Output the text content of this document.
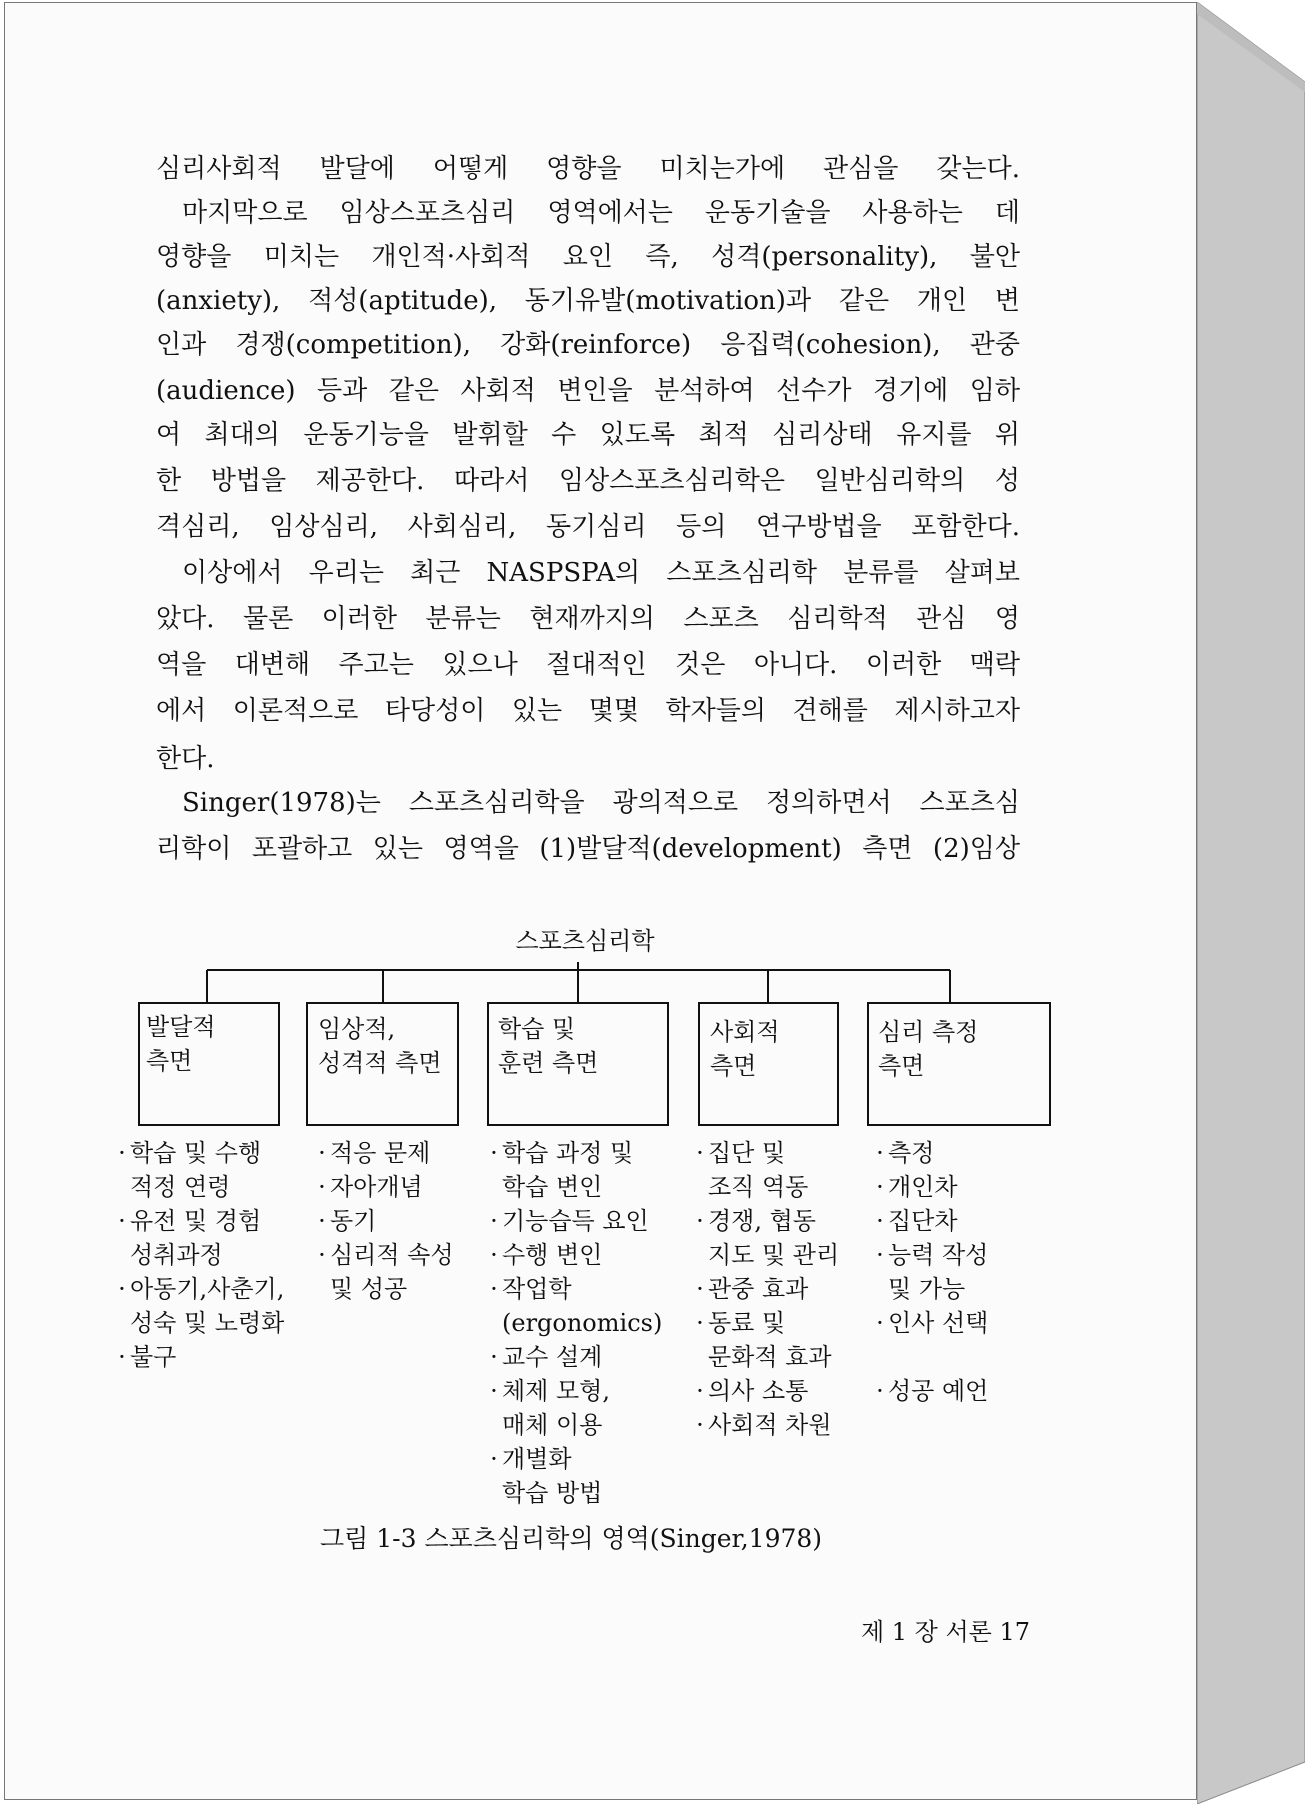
심리사회적 발달에 어떻게 영향을 미치는가에 관심을 갖는다.
마지막으로 임상스포츠심리 영역에서는 운동기술을 사용하는 데
영향을 미치는 개인적·사회적 요인 즉, 성격(personality), 불안
(anxiety), 적성(aptitude), 동기유발(motivation)과 같은 개인 변
인과 경쟁(competition), 강화(reinforce) 응집력(cohesion), 관중
(audience) 등과 같은 사회적 변인을 분석하여 선수가 경기에 임하
여 최대의 운동기능을 발휘할 수 있도록 최적 심리상태 유지를 위
한 방법을 제공한다. 따라서 임상스포츠심리학은 일반심리학의 성
격심리, 임상심리, 사회심리, 동기심리 등의 연구방법을 포함한다.
이상에서 우리는 최근 NASPSPA의 스포츠심리학 분류를 살펴보
았다. 물론 이러한 분류는 현재까지의 스포츠 심리학적 관심 영
역을 대변해 주고는 있으나 절대적인 것은 아니다. 이러한 맥락
에서 이론적으로 타당성이 있는 몇몇 학자들의 견해를 제시하고자
한다.
Singer(1978)는 스포츠심리학을 광의적으로 정의하면서 스포츠심
리학이 포괄하고 있는 영역을 (1)발달적(development) 측면 (2)임상
스포츠심리학
발달적
측면
임상적,
성격적 측면
학습 및
훈련 측면
사회적
측면
심리 측정
측면
· 학습 및 수행
적정 연령
· 유전 및 경험
성취과정
· 아동기,사춘기,
성숙 및 노령화
· 불구
· 적응 문제
· 자아개념
· 동기
· 심리적 속성
및 성공
· 학습 과정 및
학습 변인
· 기능습득 요인
· 수행 변인
· 작업학
(ergonomics)
· 교수 설계
· 체제 모형,
매체 이용
· 개별화
학습 방법
· 집단 및
조직 역동
· 경쟁, 협동
지도 및 관리
· 관중 효과
· 동료 및
문화적 효과
· 의사 소통
· 사회적 차원
· 측정
· 개인차
· 집단차
· 능력 작성
및 가능
· 인사 선택
· 성공 예언
그림 1-3 스포츠심리학의 영역(Singer,1978)
제 1 장 서론 17
